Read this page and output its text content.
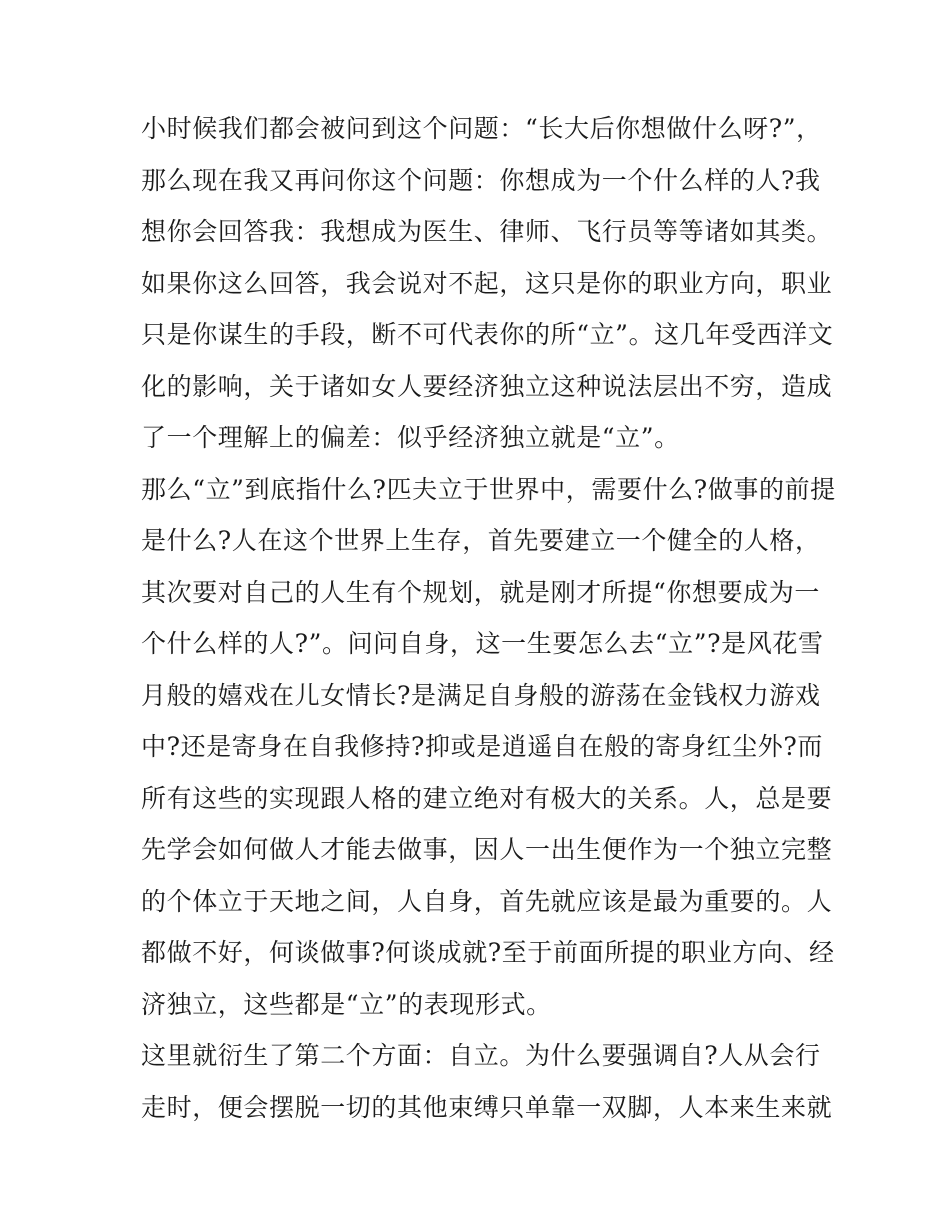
小时候我们都会被问到这个问题：“长大后你想做什么呀?”，
那么现在我又再问你这个问题：你想成为一个什么样的人?我
想你会回答我：我想成为医生、律师、飞行员等等诸如其类。
如果你这么回答，我会说对不起，这只是你的职业方向，职业
只是你谋生的手段，断不可代表你的所“立”。这几年受西洋文
化的影响，关于诸如女人要经济独立这种说法层出不穷，造成
了一个理解上的偏差：似乎经济独立就是“立”。
那么“立”到底指什么?匹夫立于世界中，需要什么?做事的前提
是什么?人在这个世界上生存，首先要建立一个健全的人格，
其次要对自己的人生有个规划，就是刚才所提“你想要成为一
个什么样的人?”。问问自身，这一生要怎么去“立”?是风花雪
月般的嬉戏在儿女情长?是满足自身般的游荡在金钱权力游戏
中?还是寄身在自我修持?抑或是逍遥自在般的寄身红尘外?而
所有这些的实现跟人格的建立绝对有极大的关系。人，总是要
先学会如何做人才能去做事，因人一出生便作为一个独立完整
的个体立于天地之间，人自身，首先就应该是最为重要的。人
都做不好，何谈做事?何谈成就?至于前面所提的职业方向、经
济独立，这些都是“立”的表现形式。
这里就衍生了第二个方面：自立。为什么要强调自?人从会行
走时，便会摆脱一切的其他束缚只单靠一双脚，人本来生来就
